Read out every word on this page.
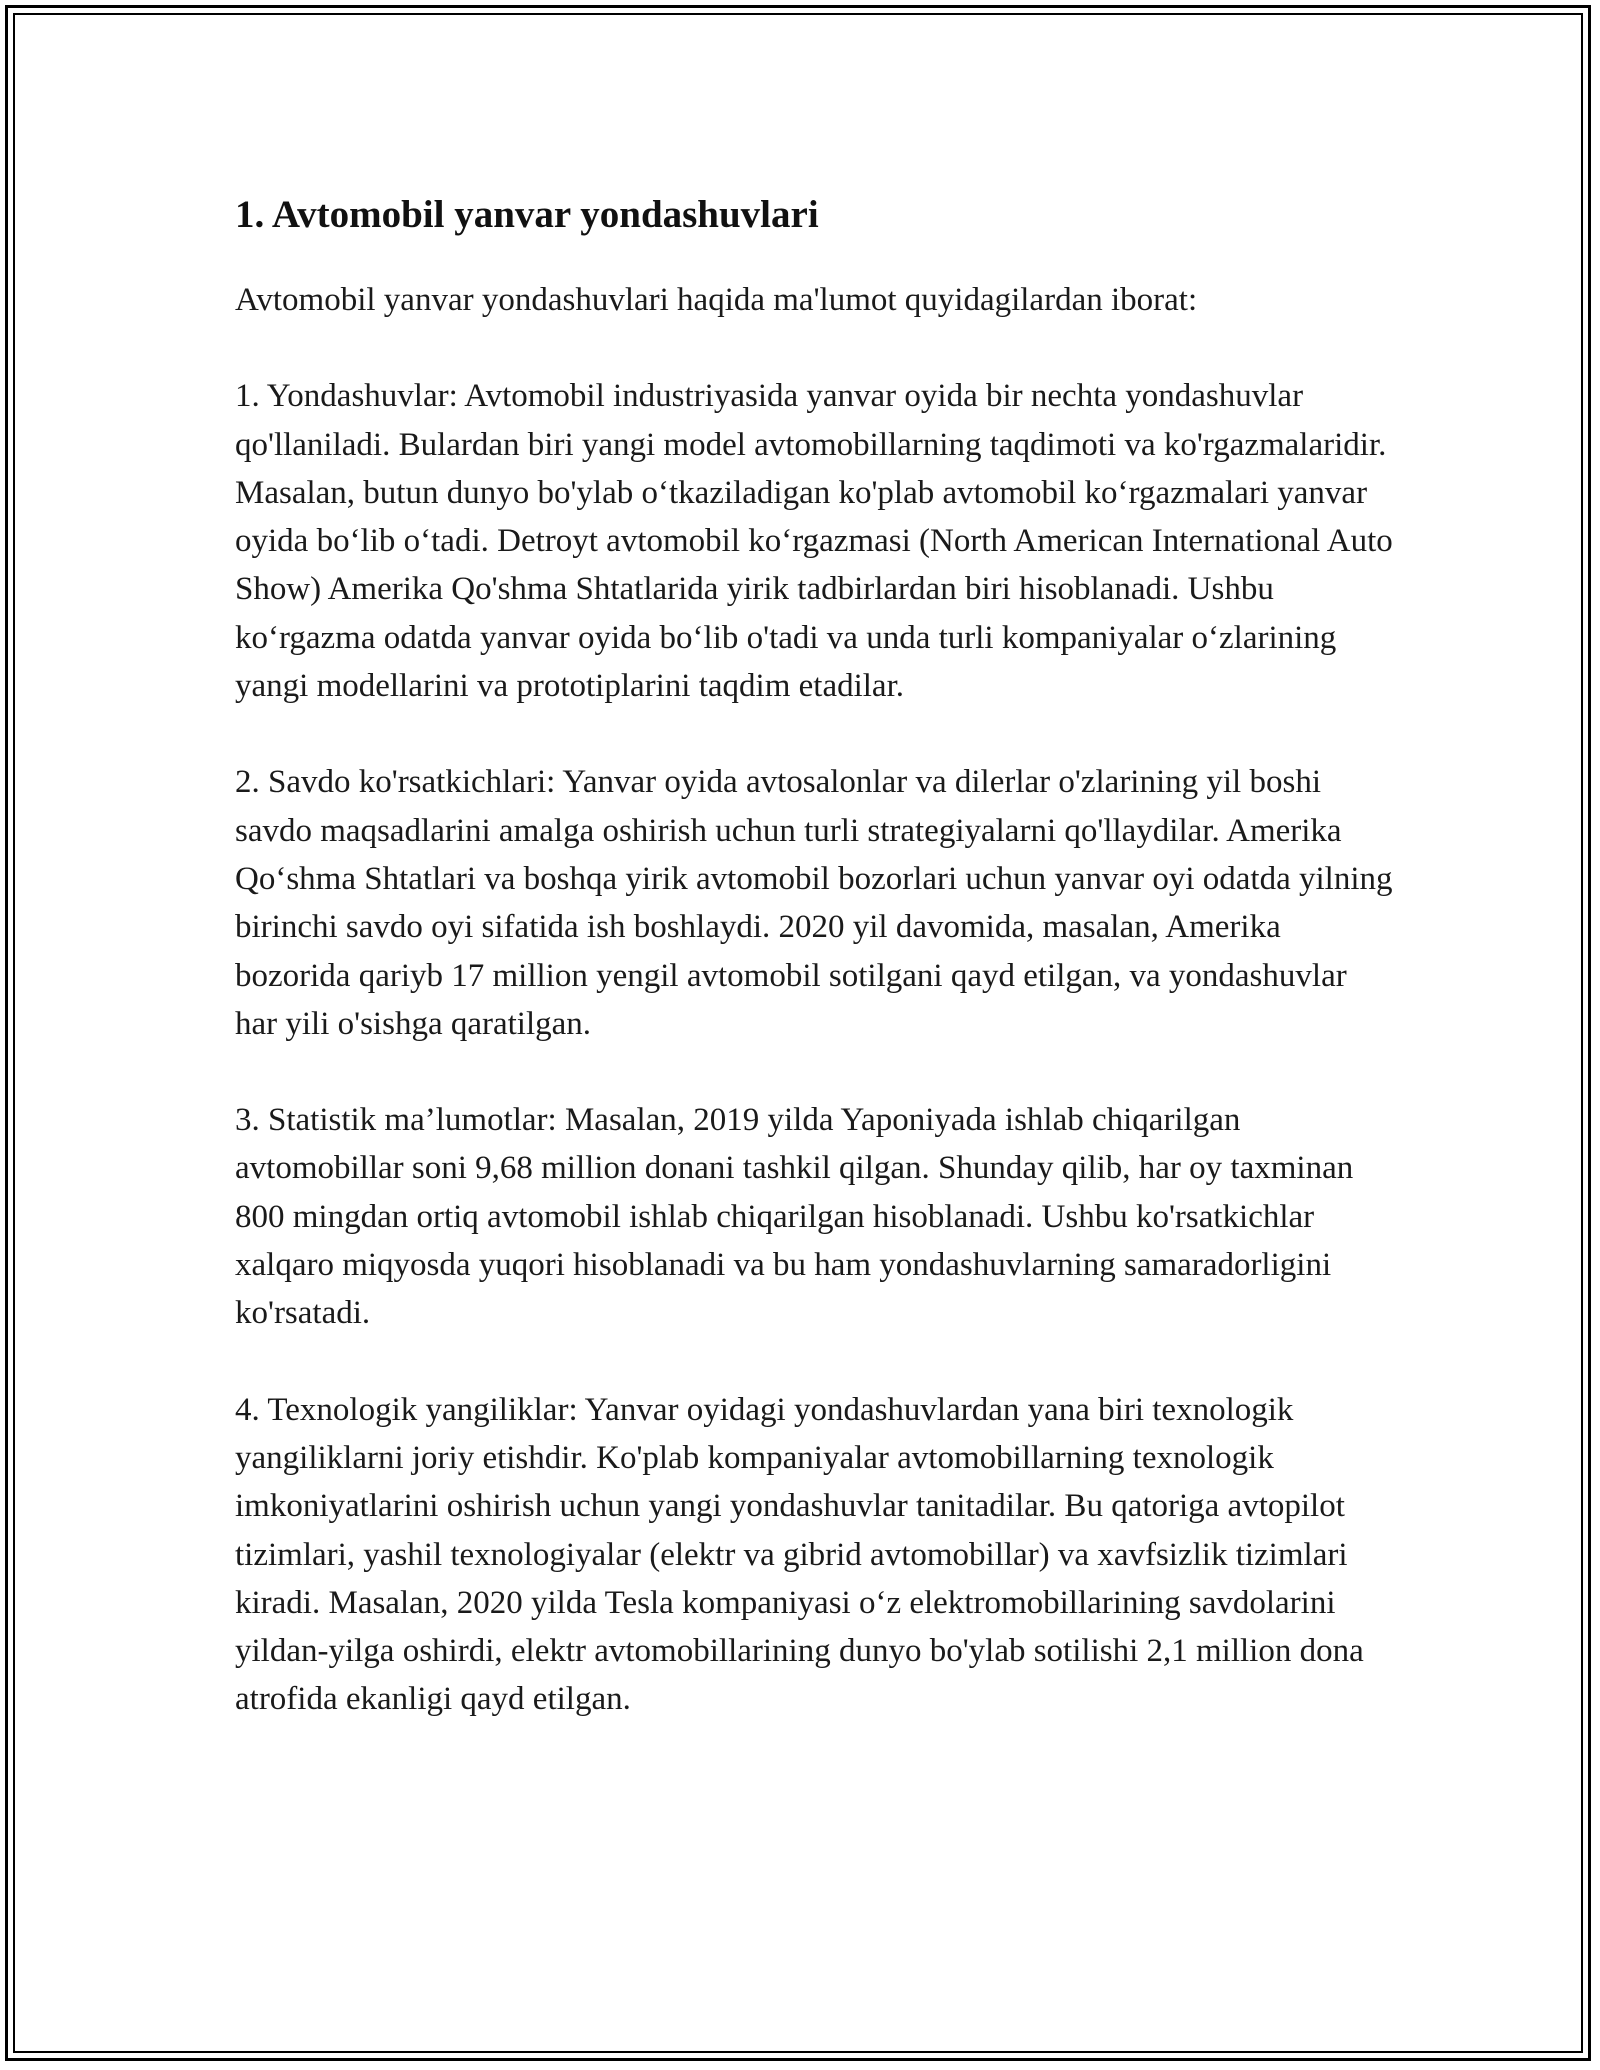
1. Avtomobil yanvar yondashuvlari

Avtomobil yanvar yondashuvlari haqida ma'lumot quyidagilardan iborat:

1. Yondashuvlar: Avtomobil industriyasida yanvar oyida bir nechta yondashuvlar qo'llaniladi. Bulardan biri yangi model avtomobillarning taqdimoti va ko'rgazmalaridir. Masalan, butun dunyo bo'ylab oʻtkaziladigan ko'plab avtomobil koʻrgazmalari yanvar oyida boʻlib oʻtadi. Detroyt avtomobil koʻrgazmasi (North American International Auto Show) Amerika Qo'shma Shtatlarida yirik tadbirlardan biri hisoblanadi. Ushbu koʻrgazma odatda yanvar oyida boʻlib o'tadi va unda turli kompaniyalar oʻzlarining yangi modellarini va prototiplarini taqdim etadilar.

2. Savdo ko'rsatkichlari: Yanvar oyida avtosalonlar va dilerlar o'zlarining yil boshi savdo maqsadlarini amalga oshirish uchun turli strategiyalarni qo'llaydilar. Amerika Qoʻshma Shtatlari va boshqa yirik avtomobil bozorlari uchun yanvar oyi odatda yilning birinchi savdo oyi sifatida ish boshlaydi. 2020 yil davomida, masalan, Amerika bozorida qariyb 17 million yengil avtomobil sotilgani qayd etilgan, va yondashuvlar har yili o'sishga qaratilgan.

3. Statistik ma’lumotlar: Masalan, 2019 yilda Yaponiyada ishlab chiqarilgan avtomobillar soni 9,68 million donani tashkil qilgan. Shunday qilib, har oy taxminan 800 mingdan ortiq avtomobil ishlab chiqarilgan hisoblanadi. Ushbu ko'rsatkichlar xalqaro miqyosda yuqori hisoblanadi va bu ham yondashuvlarning samaradorligini ko'rsatadi.

4. Texnologik yangiliklar: Yanvar oyidagi yondashuvlardan yana biri texnologik yangiliklarni joriy etishdir. Ko'plab kompaniyalar avtomobillarning texnologik imkoniyatlarini oshirish uchun yangi yondashuvlar tanitadilar. Bu qatoriga avtopilot tizimlari, yashil texnologiyalar (elektr va gibrid avtomobillar) va xavfsizlik tizimlari kiradi. Masalan, 2020 yilda Tesla kompaniyasi oʻz elektromobillarining savdolarini yildan-yilga oshirdi, elektr avtomobillarining dunyo bo'ylab sotilishi 2,1 million dona atrofida ekanligi qayd etilgan.
